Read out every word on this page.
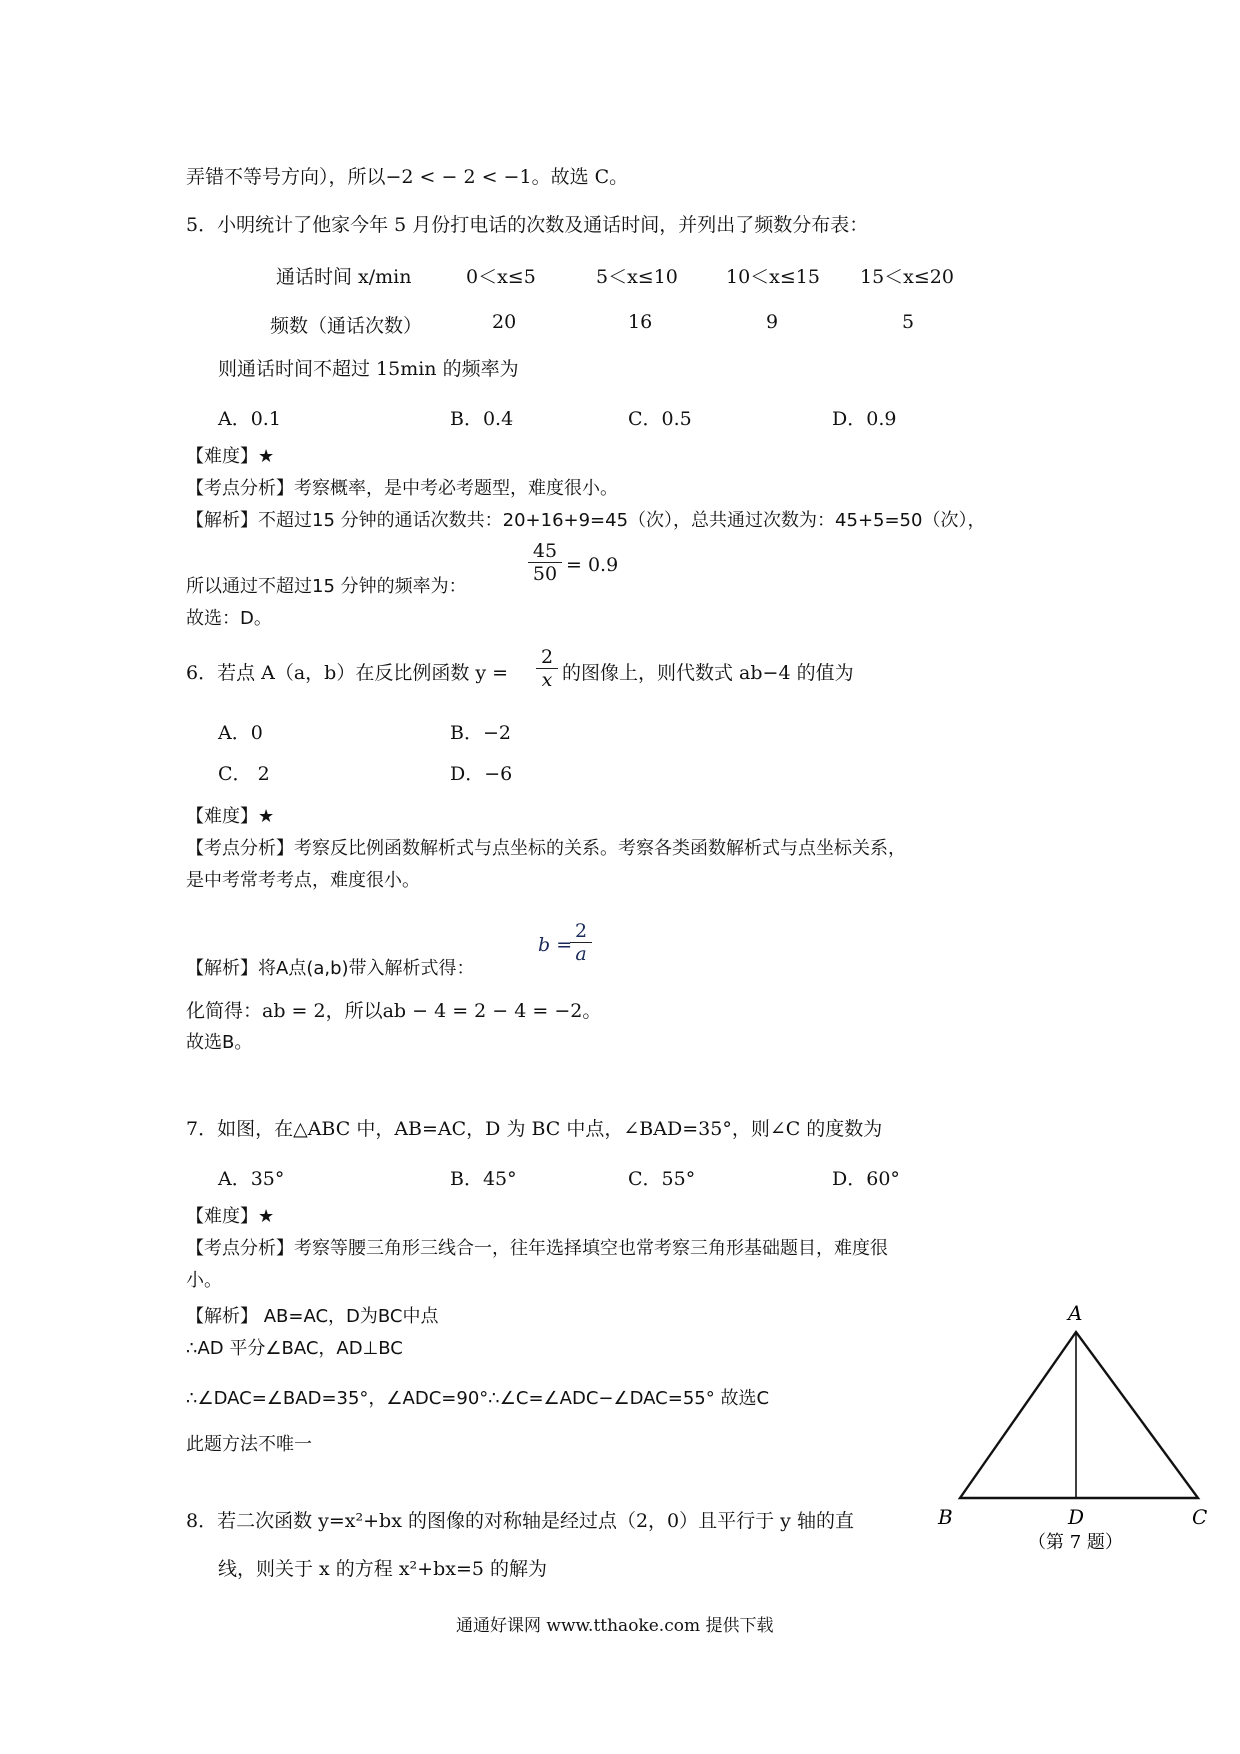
弄错不等号方向），所以−2 < − 2 < −1。故选 C。
5．小明统计了他家今年 5 月份打电话的次数及通话时间，并列出了频数分布表：
通话时间 x/min	0＜x≤5	5＜x≤10	10＜x≤15 15＜x≤20
频数（通话次数）	20	16	9	5
则通话时间不超过 15min 的频率为
A．0.1	B．0.4	C．0.5	D．0.9
【难度】★
【考点分析】考察概率，是中考必考题型，难度很小。
【解析】不超过15 分钟的通话次数共：20+16+9=45（次），总共通过次数为：45+5=50（次），
所以通过不超过15 分钟的频率为：
$\frac{45}{50} = 0.9$
故选：D。
6．若点 A（a，b）在反比例函数 $y = \frac{2}{x}$ 的图像上，则代数式 ab−4 的值为
A．0	B．−2
C． 2	D．−6
【难度】★
【考点分析】考察反比例函数解析式与点坐标的关系。考察各类函数解析式与点坐标关系，
是中考常考考点，难度很小。
【解析】将A点(a,b)带入解析式得：
b =
$\frac{2}{a}$
化简得：ab = 2，所以ab − 4 = 2 − 4 = −2。
故选B。
7．如图，在△ABC 中，AB=AC，D 为 BC 中点，∠BAD=35°，则∠C 的度数为
A．35°	B．45°	C．55°	D．60°
【难度】★
【考点分析】考察等腰三角形三线合一，往年选择填空也常考察三角形基础题目，难度很
小。
【解析】 AB=AC，D为BC中点
∴AD 平分∠BAC，AD⊥BC
∴∠DAC=∠BAD=35°，∠ADC=90°∴∠C=∠ADC−∠DAC=55° 故选C
此题方法不唯一
A
B	D	C
（第 7 题）
8．若二次函数 y=x²+bx 的图像的对称轴是经过点（2，0）且平行于 y 轴的直
线，则关于 x 的方程 x²+bx=5 的解为
通通好课网 www.tthaoke.com 提供下载
